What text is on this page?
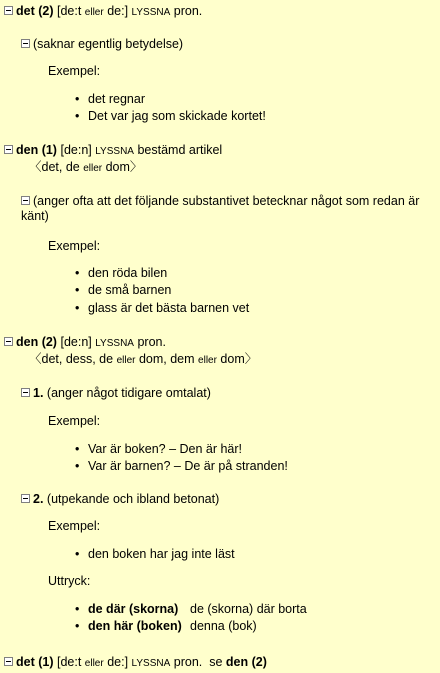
det (2) [de:t eller de:] LYSSNA pron.
(saknar egentlig betydelse)
Exempel:
• det regnar
• Det var jag som skickade kortet!
den (1) [de:n] LYSSNA bestämd artikel
〈det, de eller dom〉
(anger ofta att det följande substantivet betecknar något som redan är känt)
Exempel:
• den röda bilen
• de små barnen
• glass är det bästa barnen vet
den (2) [de:n] LYSSNA pron.
〈det, dess, de eller dom, dem eller dom〉
1. (anger något tidigare omtalat)
Exempel:
• Var är boken? – Den är här!
• Var är barnen? – De är på stranden!
2. (utpekande och ibland betonat)
Exempel:
• den boken har jag inte läst
Uttryck:
• de där (skorna) de (skorna) där borta
• den här (boken) denna (bok)
det (1) [de:t eller de:] LYSSNA pron. se den (2)
